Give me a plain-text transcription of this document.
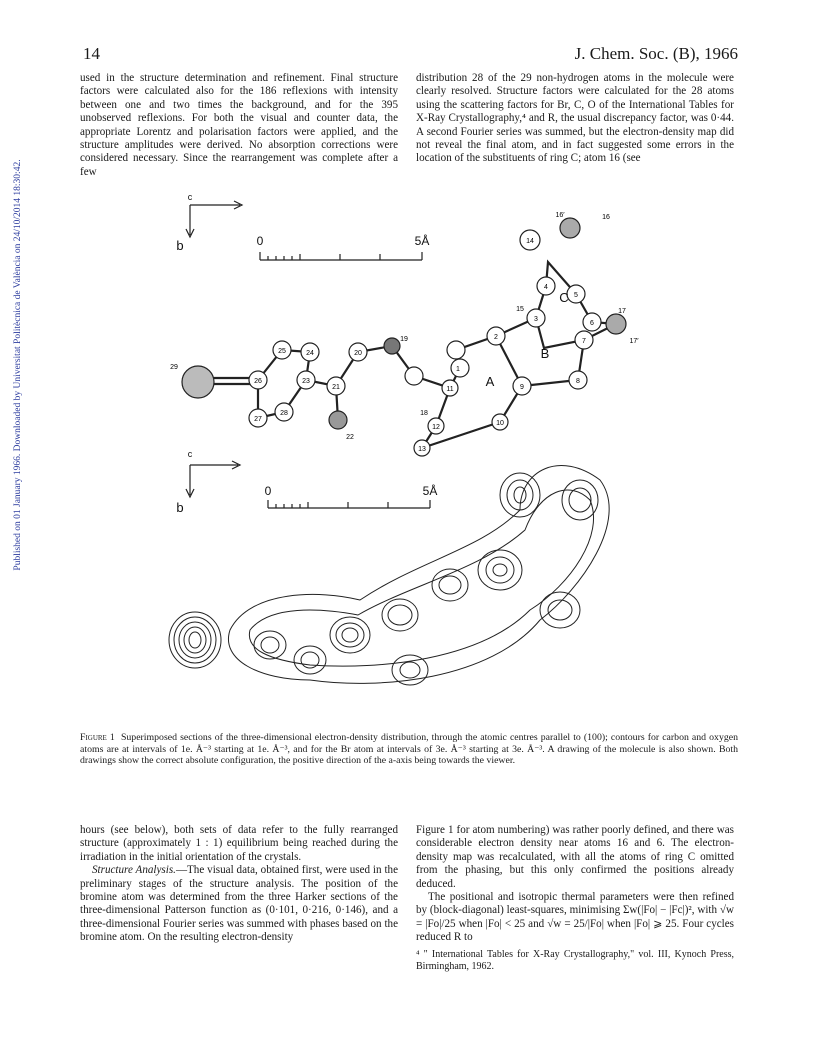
14	J. Chem. Soc. (B), 1966
Published on 01 January 1966. Downloaded by Universitat Politècnica de València on 24/10/2014 18:30:42.

used in the structure determination and refinement. Final structure factors were calculated also for the 186 reflexions with intensity between one and two times the background, and for the 395 unobserved reflexions. For both the visual and counter data, the appropriate Lorentz and polarisation factors were applied, and the structure amplitudes were derived. No absorption corrections were considered necessary. Since the rearrangement was complete after a few

distribution 28 of the 29 non-hydrogen atoms in the molecule were clearly resolved. Structure factors were calculated for the 28 atoms using the scattering factors for Br, C, O of the International Tables for X-Ray Crystallography,⁴ and R, the usual discrepancy factor, was 0·44. A second Fourier series was summed, but the electron-density map did not reveal the final atom, and in fact suggested some errors in the location of the substituents of ring C; atom 16 (see

c
b	0	5Å
A
B
C
c
b
0	5Å
1
2
3
4
5
6
7
8
9
10
11
12
13
14
15
16
16′
17
17′
18
19
20
21
22
23
24
25
26
27
28
29
Figure 1 Superimposed sections of the three-dimensional electron-density distribution, through the atomic centres parallel to (100); contours for carbon and oxygen atoms are at intervals of 1e. Å⁻³ starting at 1e. Å⁻³, and for the Br atom at intervals of 3e. Å⁻³ starting at 3e. Å⁻³. A drawing of the molecule is also shown. Both drawings show the correct absolute configuration, the positive direction of the a-axis being towards the viewer.

hours (see below), both sets of data refer to the fully rearranged structure (approximately 1 : 1) equilibrium being reached during the irradiation in the initial orientation of the crystals.

Structure Analysis.—The visual data, obtained first, were used in the preliminary stages of the structure analysis. The position of the bromine atom was determined from the three Harker sections of the three-dimensional Patterson function as (0·101, 0·216, 0·146), and a three-dimensional Fourier series was summed with phases based on the bromine atom. On the resulting electron-density

Figure 1 for atom numbering) was rather poorly defined, and there was considerable electron density near atoms 16 and 6. The electron-density map was recalculated, with all the atoms of ring C omitted from the phasing, but this only confirmed the positions already deduced.

The positional and isotropic thermal parameters were then refined by (block-diagonal) least-squares, minimising Σw(|Fo| − |Fc|)², with √w = |Fo|/25 when |Fo| < 25 and √w = 25/|Fo| when |Fo| ⩾ 25. Four cycles reduced R to

⁴ " International Tables for X-Ray Crystallography," vol. III, Kynoch Press, Birmingham, 1962.
